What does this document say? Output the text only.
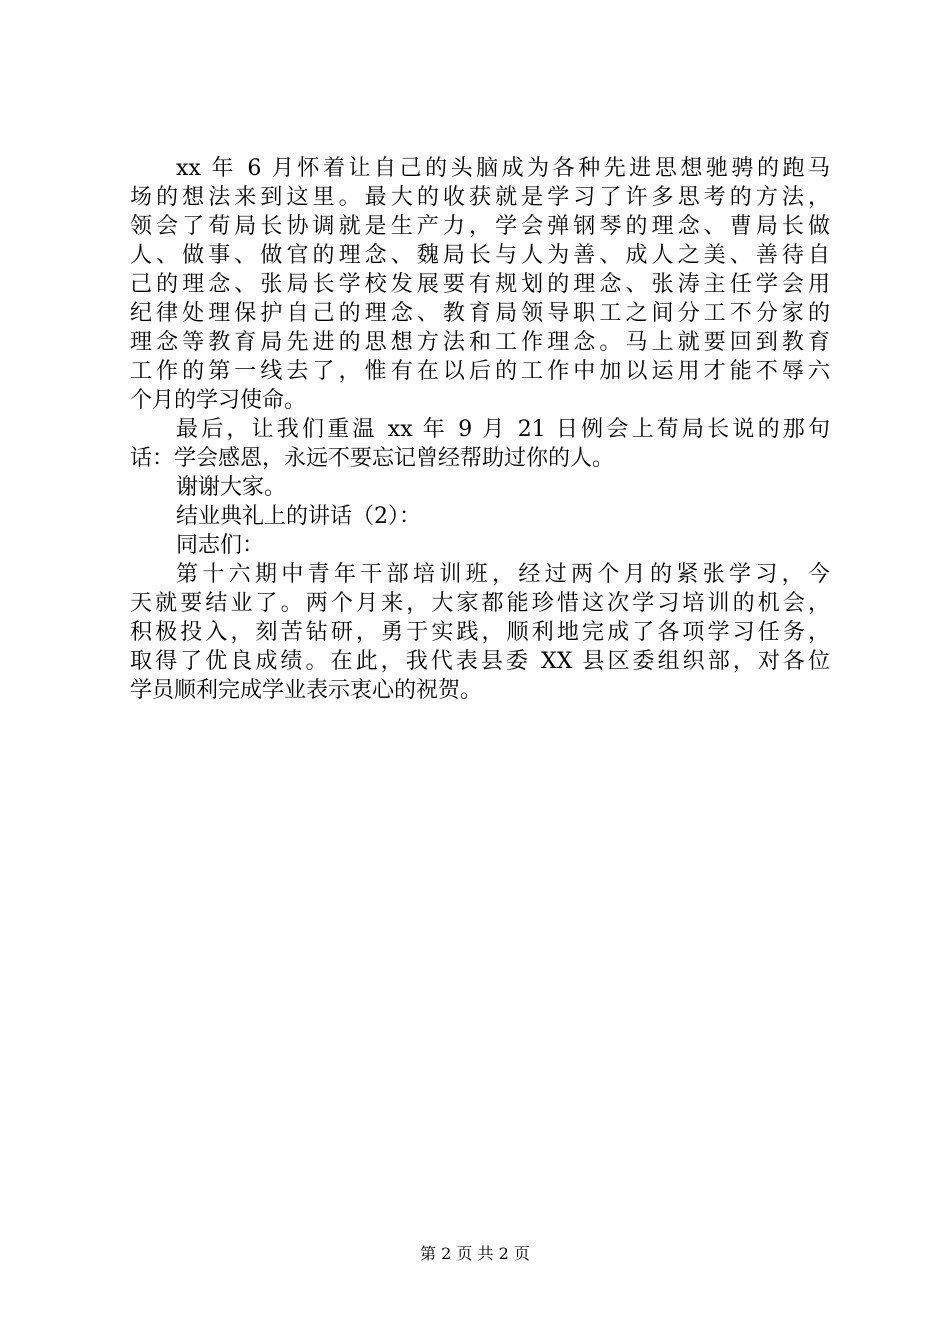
xx 年 6 月怀着让自己的头脑成为各种先进思想驰骋的跑马
场的想法来到这里。最大的收获就是学习了许多思考的方法，
领会了荀局长协调就是生产力，学会弹钢琴的理念、曹局长做
人、做事、做官的理念、魏局长与人为善、成人之美、善待自
己的理念、张局长学校发展要有规划的理念、张涛主任学会用
纪律处理保护自己的理念、教育局领导职工之间分工不分家的
理念等教育局先进的思想方法和工作理念。马上就要回到教育
工作的第一线去了，惟有在以后的工作中加以运用才能不辱六
个月的学习使命。
最后，让我们重温 xx 年 9 月 21 日例会上荀局长说的那句
话：学会感恩，永远不要忘记曾经帮助过你的人。
谢谢大家。
结业典礼上的讲话（2）：
同志们：
第十六期中青年干部培训班，经过两个月的紧张学习，今
天就要结业了。两个月来，大家都能珍惜这次学习培训的机会，
积极投入，刻苦钻研，勇于实践，顺利地完成了各项学习任务，
取得了优良成绩。在此，我代表县委 XX 县区委组织部，对各位
学员顺利完成学业表示衷心的祝贺。
第 2 页 共 2 页
